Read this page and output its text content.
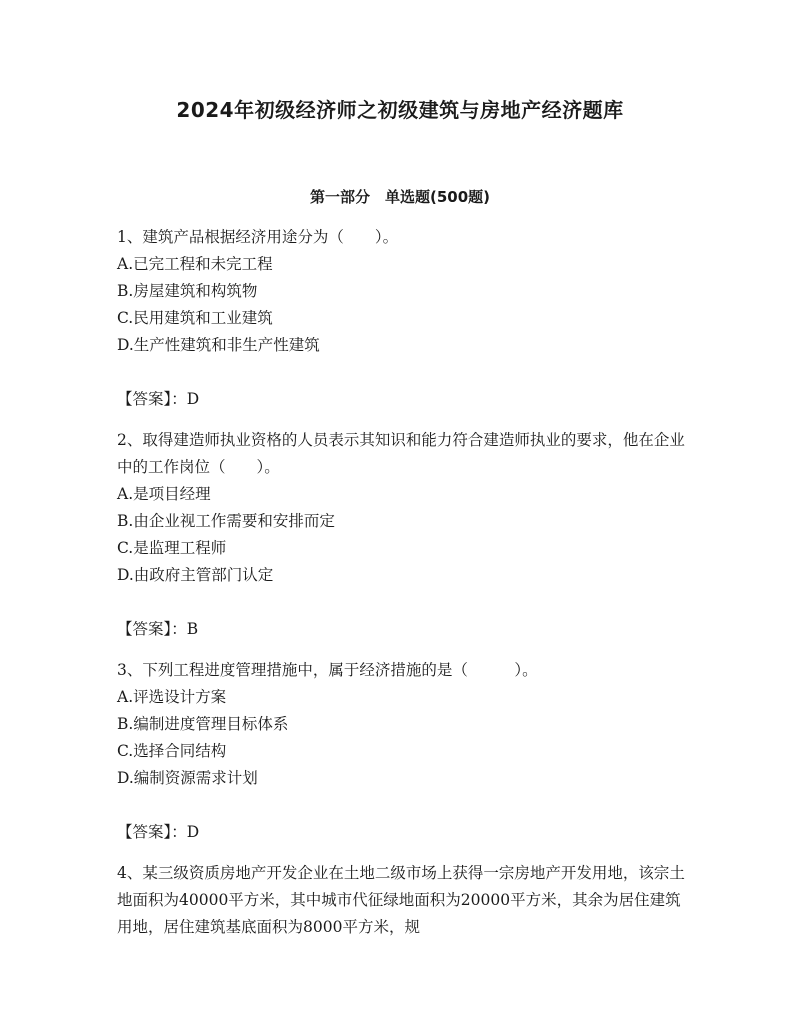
2024年初级经济师之初级建筑与房地产经济题库
第一部分　单选题(500题)

1、建筑产品根据经济用途分为（　　）。

A.已完工程和未完工程

B.房屋建筑和构筑物

C.民用建筑和工业建筑

D.生产性建筑和非生产性建筑

【答案】：D

2、取得建造师执业资格的人员表示其知识和能力符合建造师执业的要求，他在企业中的工作岗位（　　）。

A.是项目经理

B.由企业视工作需要和安排而定

C.是监理工程师

D.由政府主管部门认定

【答案】：B

3、下列工程进度管理措施中，属于经济措施的是（　　　）。

A.评选设计方案

B.编制进度管理目标体系

C.选择合同结构

D.编制资源需求计划

【答案】：D

4、某三级资质房地产开发企业在土地二级市场上获得一宗房地产开发用地，该宗土地面积为40000平方米，其中城市代征绿地面积为20000平方米，其余为居住建筑用地，居住建筑基底面积为8000平方米，规
